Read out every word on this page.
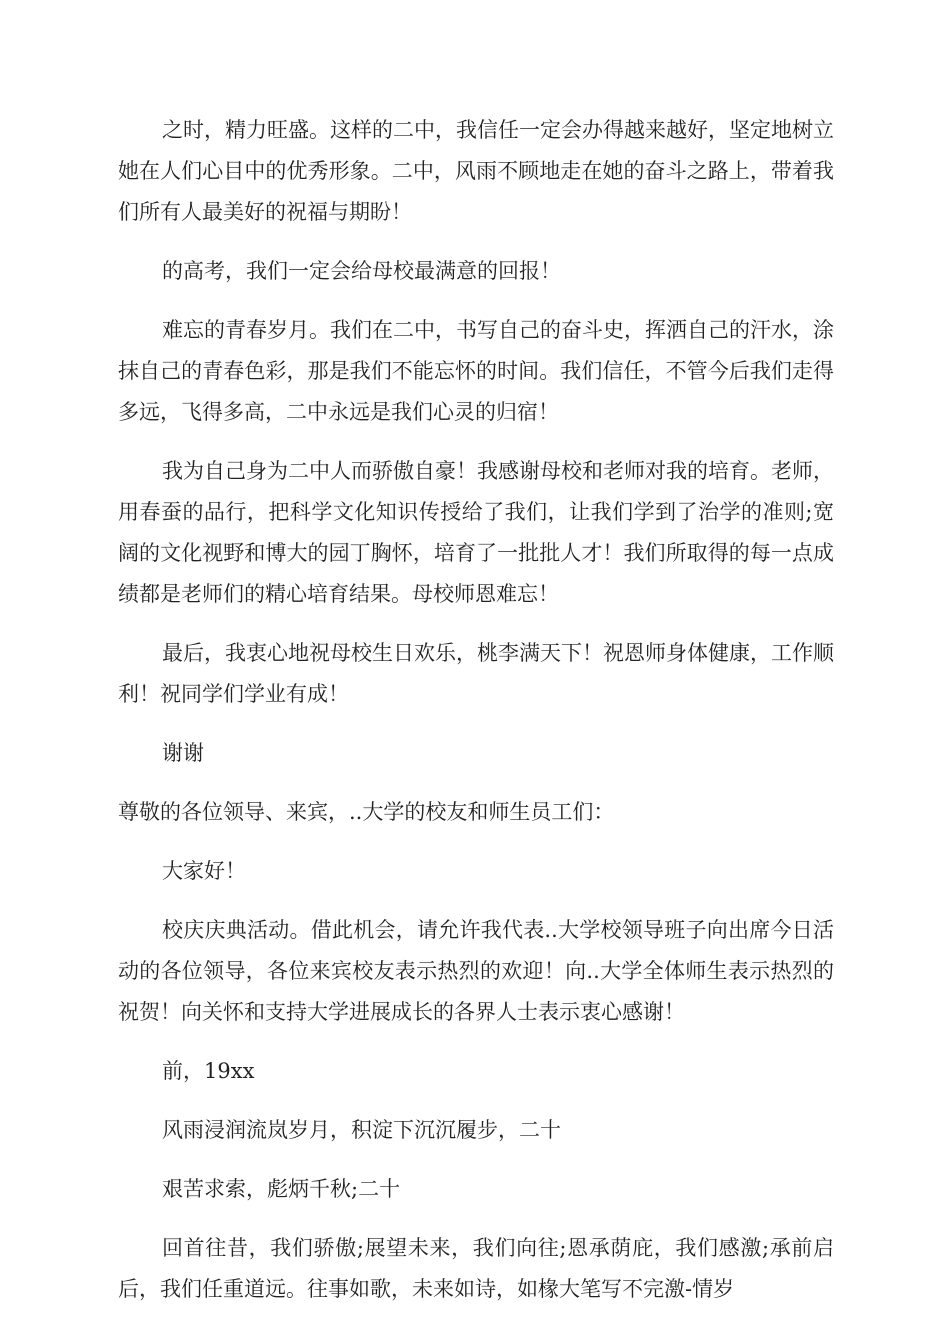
之时，精力旺盛。这样的二中，我信任一定会办得越来越好，坚定地树立她在人们心目中的优秀形象。二中，风雨不顾地走在她的奋斗之路上，带着我们所有人最美好的祝福与期盼！

的高考，我们一定会给母校最满意的回报！

难忘的青春岁月。我们在二中，书写自己的奋斗史，挥洒自己的汗水，涂抹自己的青春色彩，那是我们不能忘怀的时间。我们信任，不管今后我们走得多远，飞得多高，二中永远是我们心灵的归宿！

我为自己身为二中人而骄傲自豪！我感谢母校和老师对我的培育。老师，用春蚕的品行，把科学文化知识传授给了我们，让我们学到了治学的准则;宽阔的文化视野和博大的园丁胸怀，培育了一批批人才！我们所取得的每一点成绩都是老师们的精心培育结果。母校师恩难忘！

最后，我衷心地祝母校生日欢乐，桃李满天下！祝恩师身体健康，工作顺利！祝同学们学业有成！

谢谢

尊敬的各位领导、来宾，..大学的校友和师生员工们：

大家好！

校庆庆典活动。借此机会，请允许我代表..大学校领导班子向出席今日活动的各位领导，各位来宾校友表示热烈的欢迎！向..大学全体师生表示热烈的祝贺！向关怀和支持大学进展成长的各界人士表示衷心感谢！

前，19xx

风雨浸润流岚岁月，积淀下沉沉履步，二十

艰苦求索，彪炳千秋;二十

回首往昔，我们骄傲;展望未来，我们向往;恩承荫庇，我们感激;承前启后，我们任重道远。往事如歌，未来如诗，如椽大笔写不完激-情岁
